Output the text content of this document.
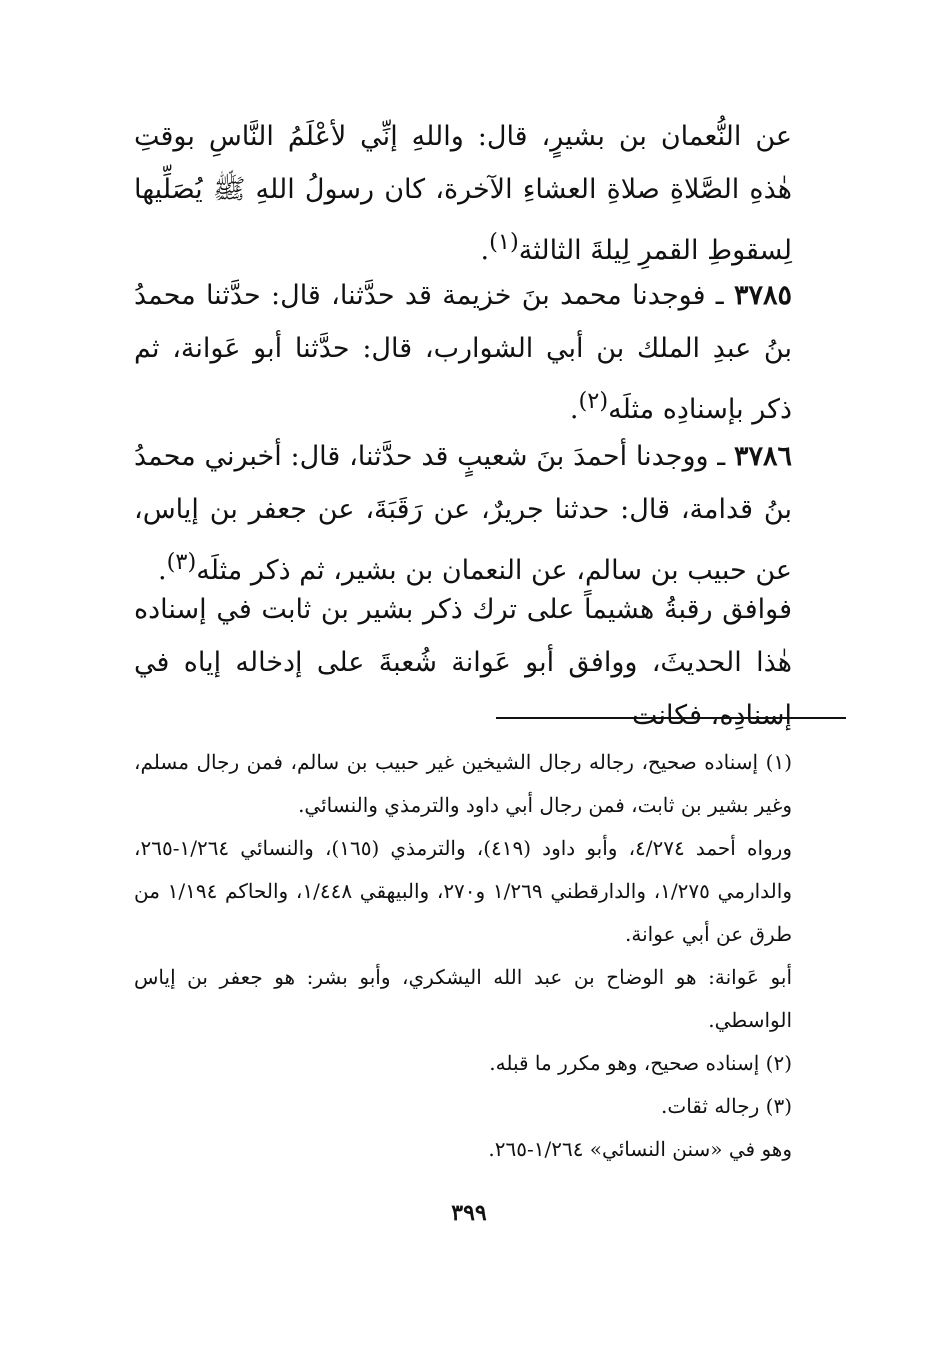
عن النُّعمان بن بشيرٍ، قال: واللهِ إنِّي لأعْلَمُ النَّاسِ بوقتِ هٰذهِ الصَّلاةِ صلاةِ العشاءِ الآخرة، كان رسولُ اللهِ ﷺ يُصَلِّيها لِسقوطِ القمرِ لِيلةَ الثالثة$^{(١)}$.

٣٧٨٥ ـ فوجدنا محمد بنَ خزيمة قد حدَّثنا، قال: حدَّثنا محمدُ بنُ عبدِ الملك بن أبي الشوارب، قال: حدَّثنا أبو عَوانة، ثم ذكر بإسنادِه مثلَه$^{(٢)}$.

٣٧٨٦ ـ ووجدنا أحمدَ بنَ شعيبٍ قد حدَّثنا، قال: أخبرني محمدُ بنُ قدامة، قال: حدثنا جريرٌ، عن رَقَبَةَ، عن جعفر بن إياس، عن حبيب بن سالم، عن النعمان بن بشير، ثم ذكر مثلَه$^{(٣)}$.

فوافق رقبةُ هشيماً على ترك ذكر بشير بن ثابت في إسناده هٰذا الحديثَ، ووافق أبو عَوانة شُعبةَ على إدخاله إياه في إسنادِه، فكانت

(١) إسناده صحيح، رجاله رجال الشيخين غير حبيب بن سالم، فمن رجال مسلم، وغير بشير بن ثابت، فمن رجال أبي داود والترمذي والنسائي.

ورواه أحمد ٤/٢٧٤، وأبو داود (٤١٩)، والترمذي (١٦٥)، والنسائي ١/٢٦٤-٢٦٥، والدارمي ١/٢٧٥، والدارقطني ١/٢٦٩ و٢٧٠، والبيهقي ١/٤٤٨، والحاكم ١/١٩٤ من طرق عن أبي عوانة.

أبو عَوانة: هو الوضاح بن عبد الله اليشكري، وأبو بشر: هو جعفر بن إياس الواسطي.

(٢) إسناده صحيح، وهو مكرر ما قبله.

(٣) رجاله ثقات.

وهو في «سنن النسائي» ١/٢٦٤-٢٦٥.

٣٩٩
